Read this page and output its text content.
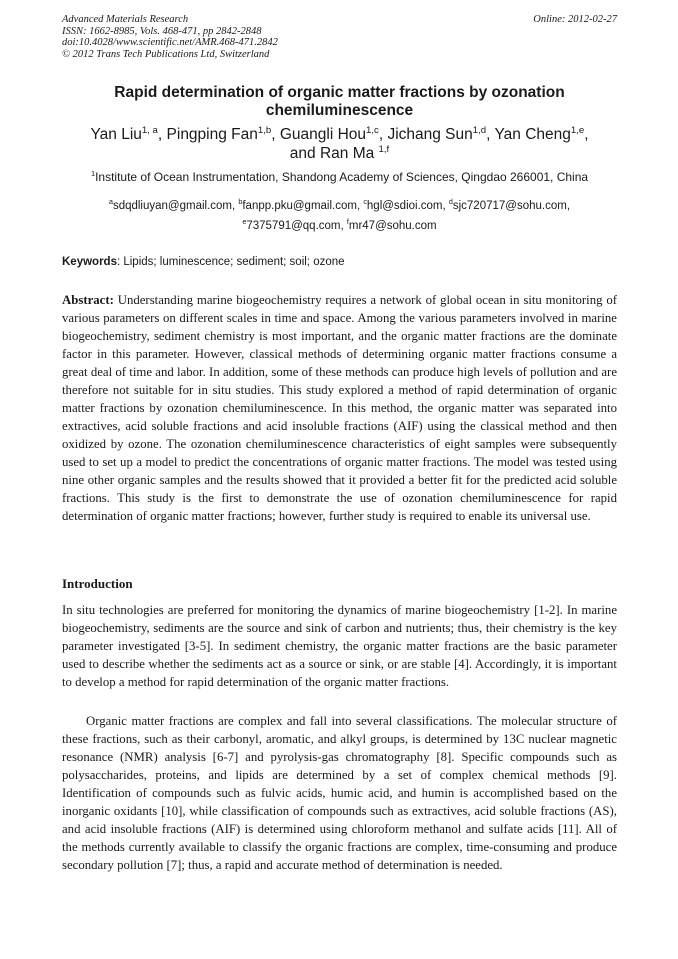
Advanced Materials Research
ISSN: 1662-8985, Vols. 468-471, pp 2842-2848
doi:10.4028/www.scientific.net/AMR.468-471.2842
© 2012 Trans Tech Publications Ltd, Switzerland
Online: 2012-02-27
Rapid determination of organic matter fractions by ozonation chemiluminescence
Yan Liu$^{1, a}$, Pingping Fan$^{1,b}$, Guangli Hou$^{1,c}$, Jichang Sun$^{1,d}$, Yan Cheng$^{1,e}$,
and Ran Ma $^{1,f}$
$^1$Institute of Ocean Instrumentation, Shandong Academy of Sciences, Qingdao 266001, China
$^a$sdqdliuyan@gmail.com, $^b$fanpp.pku@gmail.com, $^c$hgl@sdioi.com, $^d$sjc720717@sohu.com,
$^e$7375791@qq.com, $^f$mr47@sohu.com
Keywords: Lipids; luminescence; sediment; soil; ozone
Abstract: Understanding marine biogeochemistry requires a network of global ocean in situ monitoring of various parameters on different scales in time and space. Among the various parameters involved in marine biogeochemistry, sediment chemistry is most important, and the organic matter fractions are the dominate factor in this parameter. However, classical methods of determining organic matter fractions consume a great deal of time and labor. In addition, some of these methods can produce high levels of pollution and are therefore not suitable for in situ studies. This study explored a method of rapid determination of organic matter fractions by ozonation chemiluminescence. In this method, the organic matter was separated into extractives, acid soluble fractions and acid insoluble fractions (AIF) using the classical method and then oxidized by ozone. The ozonation chemiluminescence characteristics of eight samples were subsequently used to set up a model to predict the concentrations of organic matter fractions. The model was tested using nine other organic samples and the results showed that it provided a better fit for the predicted acid soluble fractions. This study is the first to demonstrate the use of ozonation chemiluminescence for rapid determination of organic matter fractions; however, further study is required to enable its universal use.
Introduction
In situ technologies are preferred for monitoring the dynamics of marine biogeochemistry [1-2]. In marine biogeochemistry, sediments are the source and sink of carbon and nutrients; thus, their chemistry is the key parameter investigated [3-5]. In sediment chemistry, the organic matter fractions are the basic parameter used to describe whether the sediments act as a source or sink, or are stable [4]. Accordingly, it is important to develop a method for rapid determination of the organic matter fractions.
Organic matter fractions are complex and fall into several classifications. The molecular structure of these fractions, such as their carbonyl, aromatic, and alkyl groups, is determined by 13C nuclear magnetic resonance (NMR) analysis [6-7] and pyrolysis-gas chromatography [8]. Specific compounds such as polysaccharides, proteins, and lipids are determined by a set of complex chemical methods [9]. Identification of compounds such as fulvic acids, humic acid, and humin is accomplished based on the inorganic oxidants [10], while classification of compounds such as extractives, acid soluble fractions (AS), and acid insoluble fractions (AIF) is determined using chloroform methanol and sulfate acids [11]. All of the methods currently available to classify the organic fractions are complex, time-consuming and produce secondary pollution [7]; thus, a rapid and accurate method of determination is needed.
